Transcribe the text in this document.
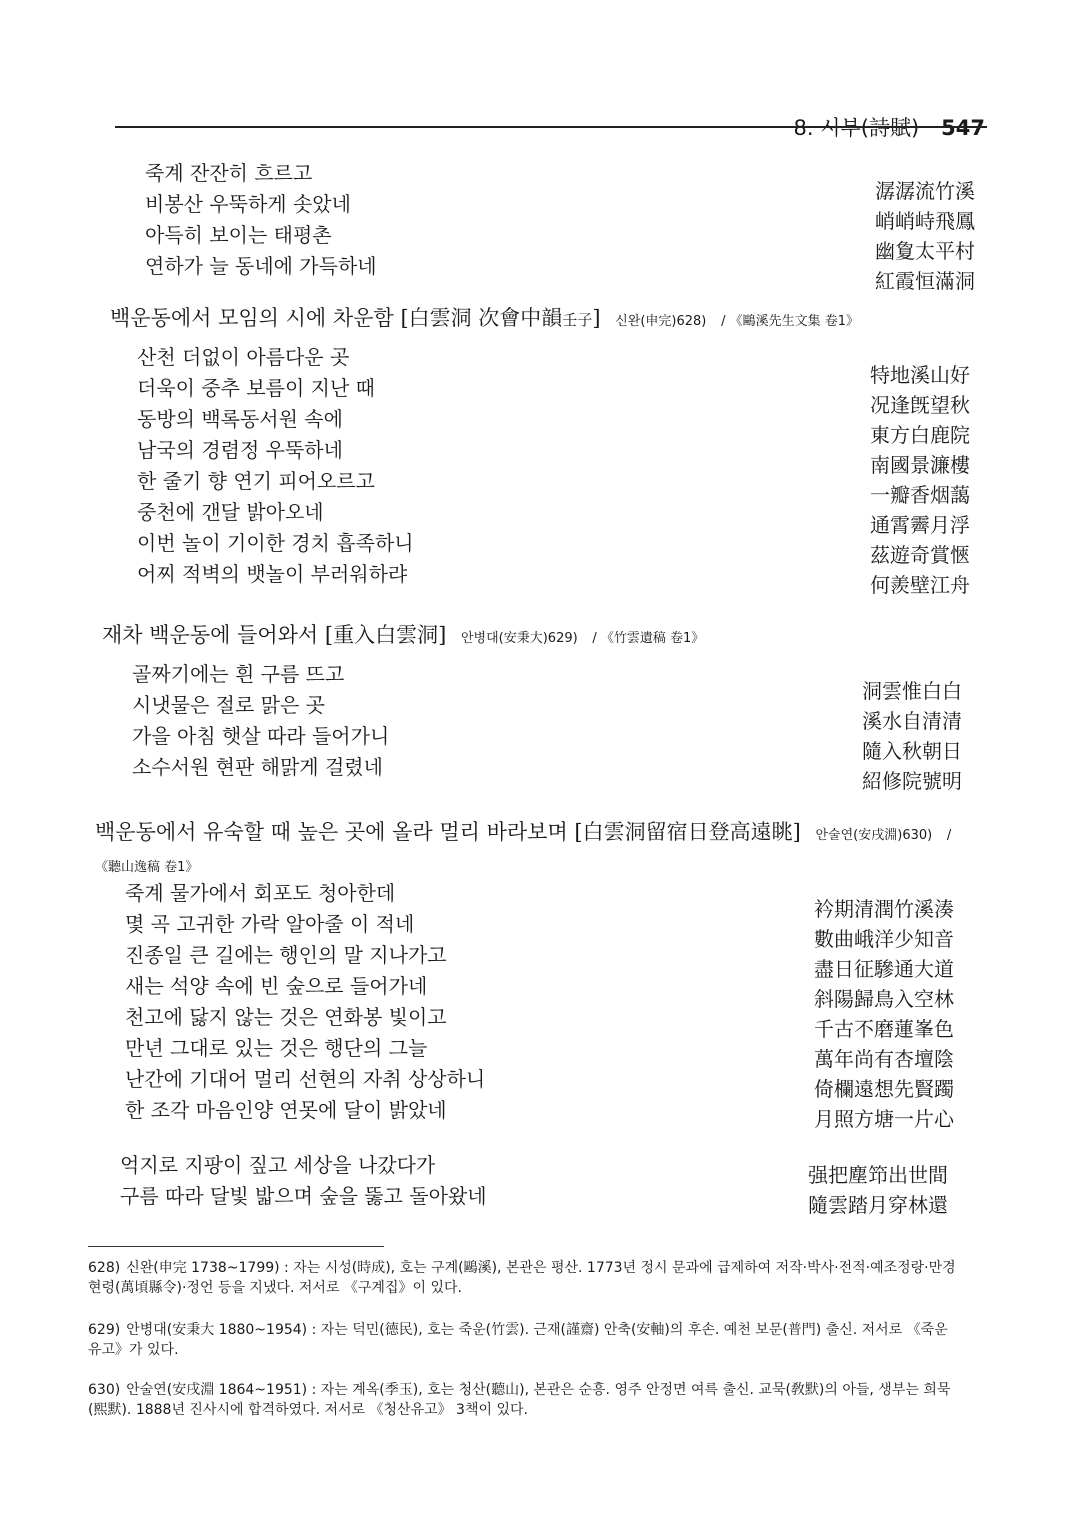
8. 시부(詩賦) 547
죽계 잔잔히 흐르고
비봉산 우뚝하게 솟았네
아득히 보이는 태평촌
연하가 늘 동네에 가득하네
潺潺流竹溪
峭峭峙飛鳳
幽夐太平村
紅霞恒滿洞
백운동에서 모임의 시에 차운함 [白雲洞 次會中韻壬子] 신완(申完)628) / 《鷗溪先生文集 卷1》
산천 더없이 아름다운 곳
더욱이 중추 보름이 지난 때
동방의 백록동서원 속에
남국의 경렴정 우뚝하네
한 줄기 향 연기 피어오르고
중천에 갠달 밝아오네
이번 놀이 기이한 경치 흡족하니
어찌 적벽의 뱃놀이 부러워하랴
特地溪山好
况逢旣望秋
東方白鹿院
南國景濂樓
一瓣香烟藹
通霄霽月浮
茲遊奇賞愜
何羨壁江舟
재차 백운동에 들어와서 [重入白雲洞] 안병대(安秉大)629) / 《竹雲遺稿 卷1》
골짜기에는 흰 구름 뜨고
시냇물은 절로 맑은 곳
가을 아침 햇살 따라 들어가니
소수서원 현판 해맑게 걸렸네
洞雲惟白白
溪水自清清
隨入秋朝日
紹修院號明
백운동에서 유숙할 때 높은 곳에 올라 멀리 바라보며 [白雲洞留宿日登高遠眺] 안술연(安戌淵)630) / 《聽山逸稿 卷1》
죽계 물가에서 회포도 청아한데
몇 곡 고귀한 가락 알아줄 이 적네
진종일 큰 길에는 행인의 말 지나가고
새는 석양 속에 빈 숲으로 들어가네
천고에 닳지 않는 것은 연화봉 빛이고
만년 그대로 있는 것은 행단의 그늘
난간에 기대어 멀리 선현의 자취 상상하니
한 조각 마음인양 연못에 달이 밝았네
衿期清潤竹溪湊
數曲峨洋少知音
盡日征驂通大道
斜陽歸鳥入空林
千古不磨蓮峯色
萬年尚有杏壇陰
倚欄遠想先賢躅
月照方塘一片心
억지로 지팡이 짚고 세상을 나갔다가
구름 따라 달빛 밟으며 숲을 뚫고 돌아왔네
强把塵笻出世間
隨雲踏月穿林還
628) 신완(申完 1738~1799) : 자는 시성(時成), 호는 구계(鷗溪), 본관은 평산. 1773년 정시 문과에 급제하여 저작·박사·전적·예조정랑·만경현령(萬頃縣令)·정언 등을 지냈다. 저서로 《구계집》이 있다.
629) 안병대(安秉大 1880~1954) : 자는 덕민(德民), 호는 죽운(竹雲). 근재(謹齋) 안축(安軸)의 후손. 예천 보문(普門) 출신. 저서로 《죽운유고》가 있다.
630) 안술연(安戌淵 1864~1951) : 자는 계옥(季玉), 호는 청산(聽山), 본관은 순흥. 영주 안정면 여륵 출신. 교묵(敎默)의 아들, 생부는 희묵(熙默). 1888년 진사시에 합격하였다. 저서로 《청산유고》 3책이 있다.
